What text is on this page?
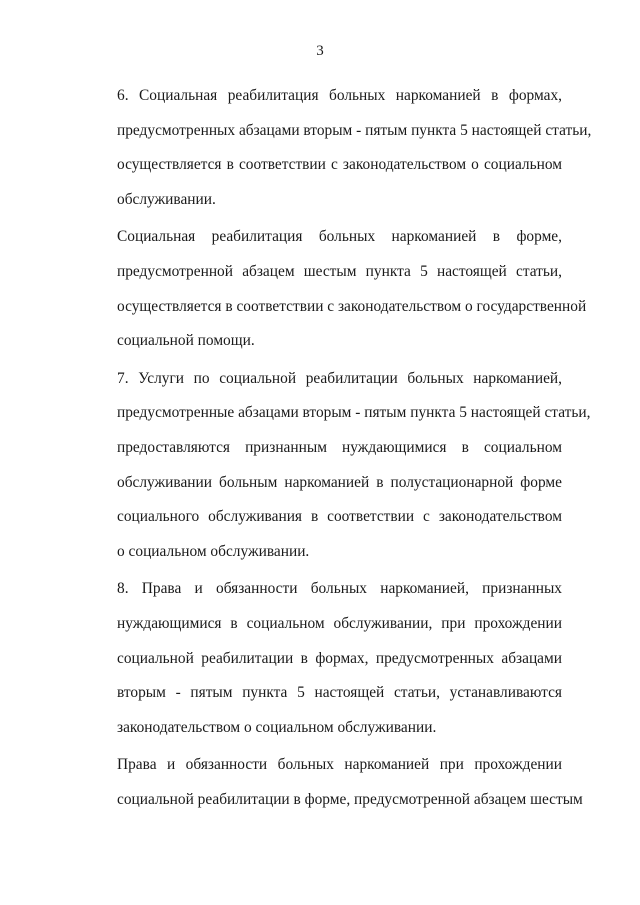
3

6. Социальная реабилитация больных наркоманией в формах,
предусмотренных абзацами вторым - пятым пункта 5 настоящей статьи,
осуществляется в соответствии с законодательством о социальном
обслуживании.

Социальная реабилитация больных наркоманией в форме,
предусмотренной абзацем шестым пункта 5 настоящей статьи,
осуществляется в соответствии с законодательством о государственной
социальной помощи.

7. Услуги по социальной реабилитации больных наркоманией,
предусмотренные абзацами вторым - пятым пункта 5 настоящей статьи,
предоставляются признанным нуждающимися в социальном
обслуживании больным наркоманией в полустационарной форме
социального обслуживания в соответствии с законодательством
о социальном обслуживании.

8. Права и обязанности больных наркоманией, признанных
нуждающимися в социальном обслуживании, при прохождении
социальной реабилитации в формах, предусмотренных абзацами
вторым - пятым пункта 5 настоящей статьи, устанавливаются
законодательством о социальном обслуживании.

Права и обязанности больных наркоманией при прохождении
социальной реабилитации в форме, предусмотренной абзацем шестым
